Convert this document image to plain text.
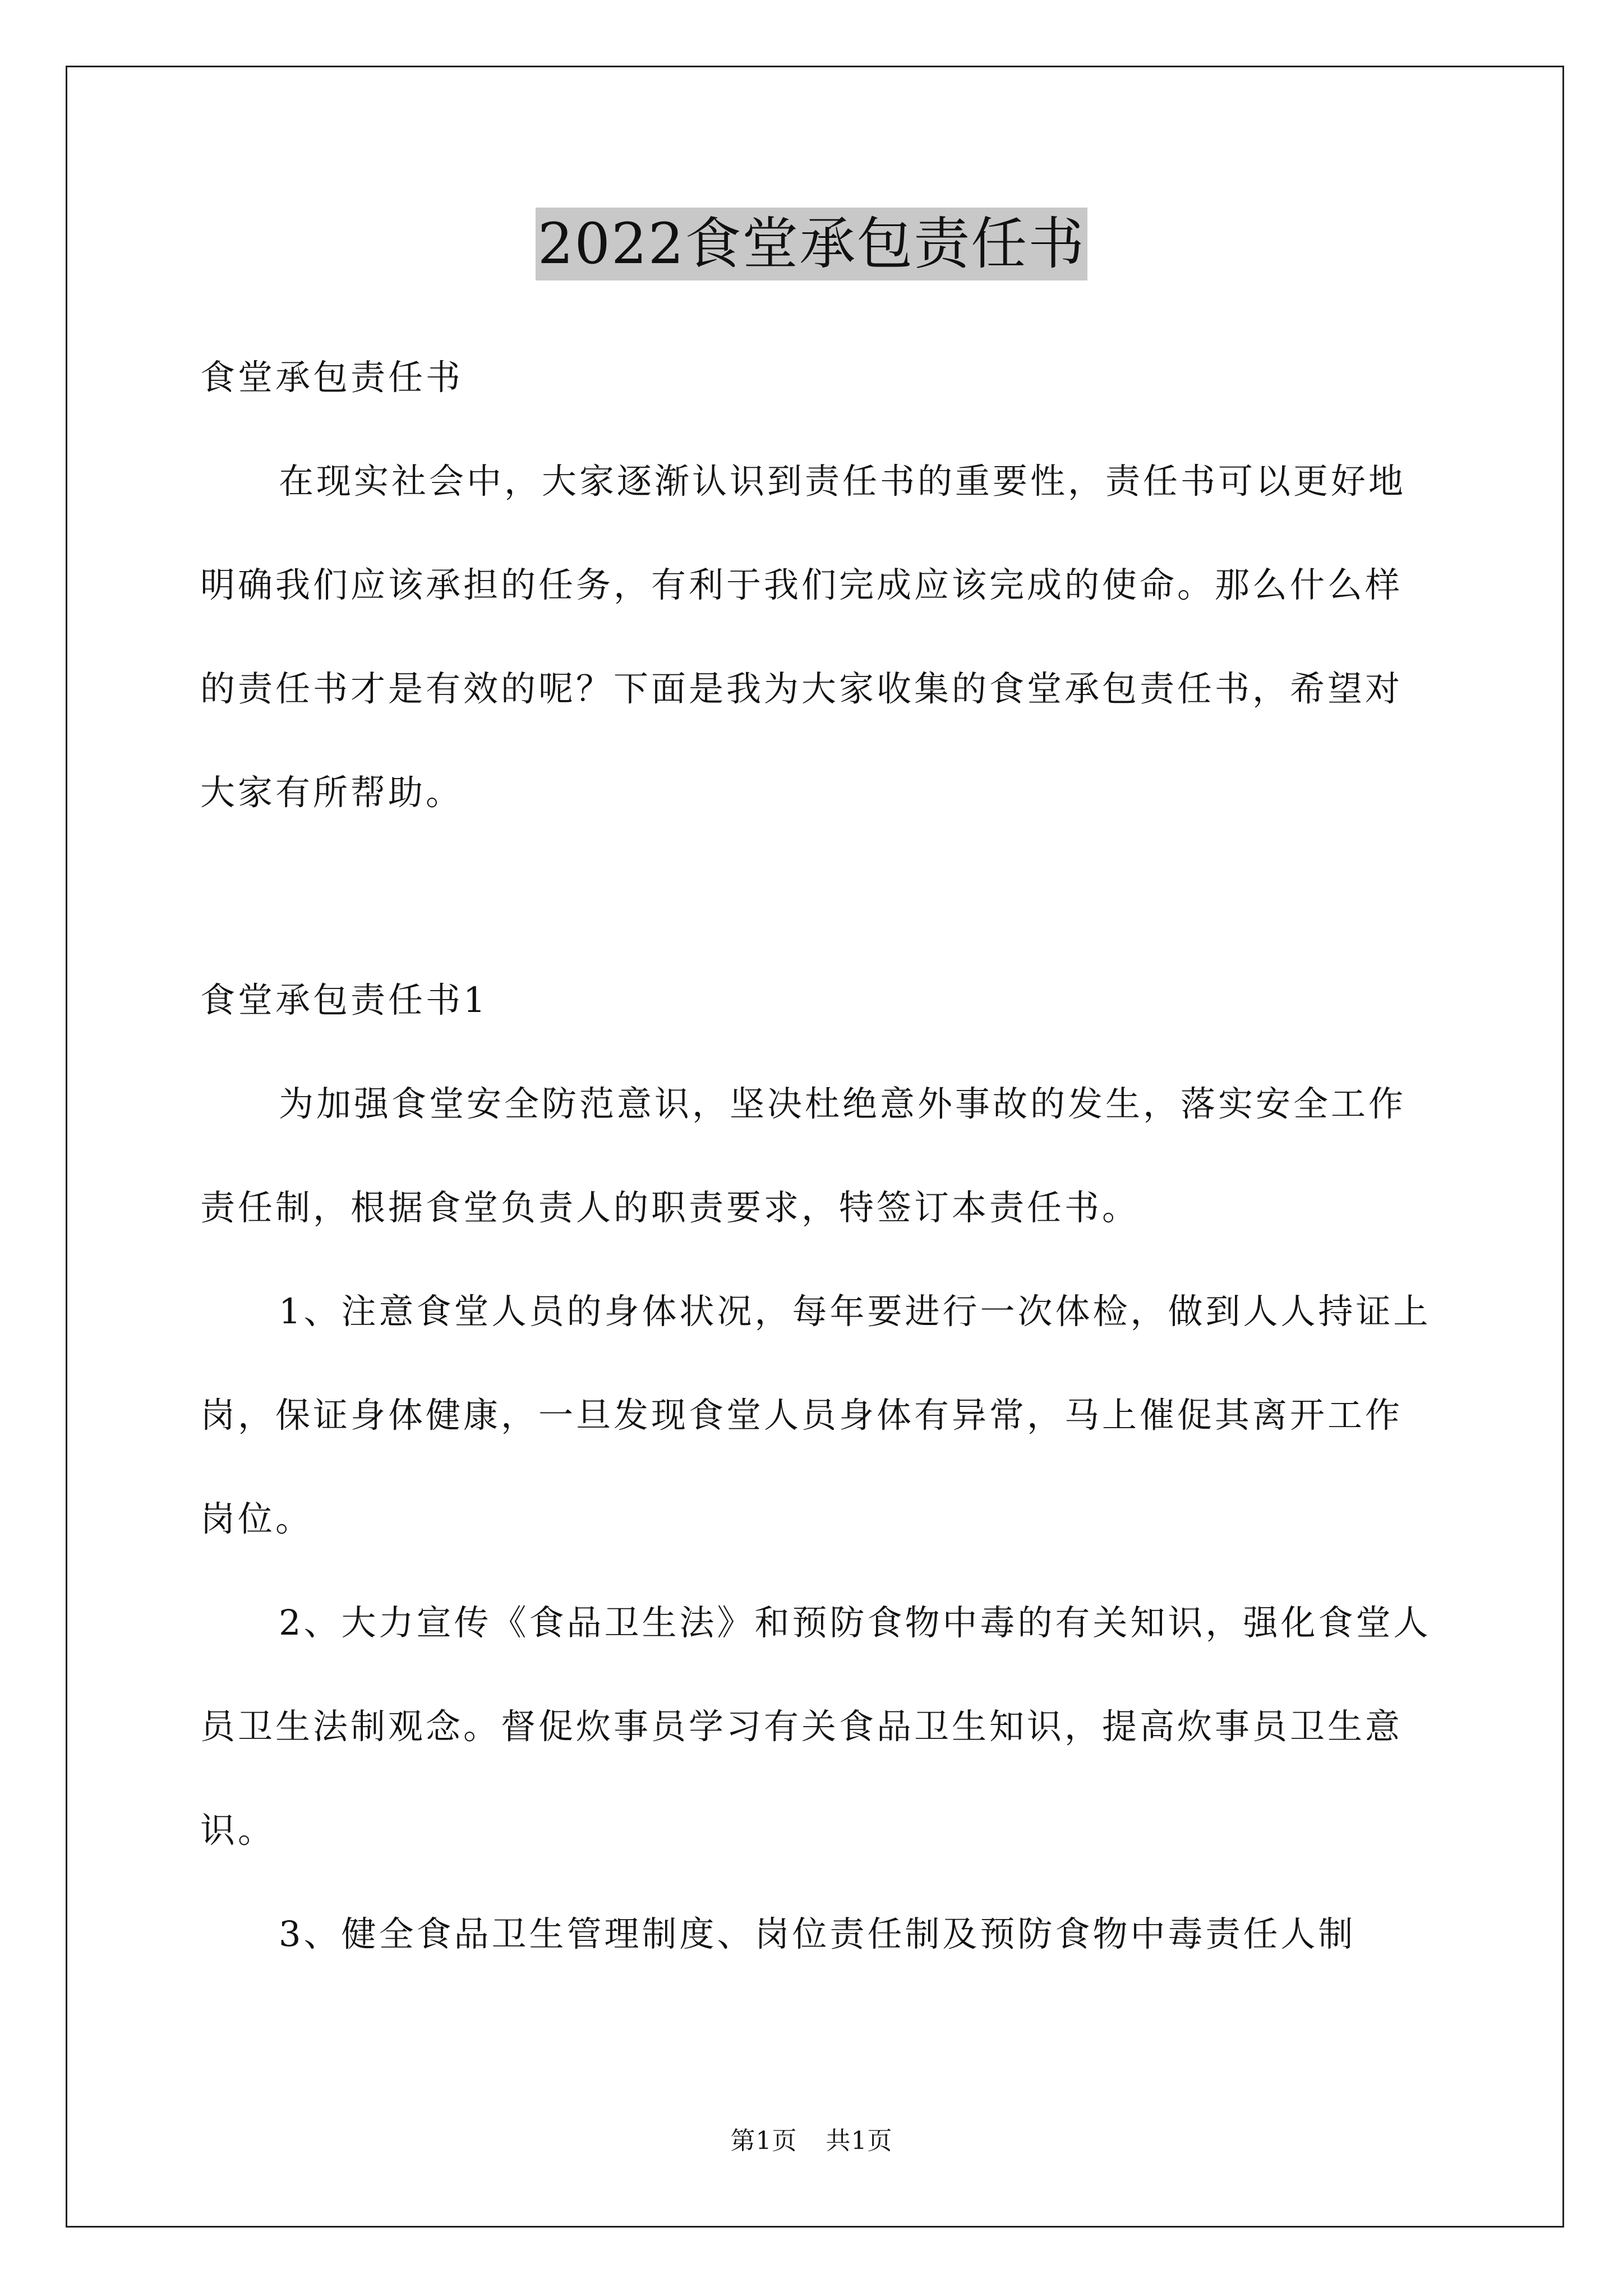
2022食堂承包责任书

食堂承包责任书

在现实社会中，大家逐渐认识到责任书的重要性，责任书可以更好地明确我们应该承担的任务，有利于我们完成应该完成的使命。那么什么样的责任书才是有效的呢？下面是我为大家收集的食堂承包责任书，希望对大家有所帮助。

食堂承包责任书1

为加强食堂安全防范意识，坚决杜绝意外事故的发生，落实安全工作责任制，根据食堂负责人的职责要求，特签订本责任书。

1、注意食堂人员的身体状况，每年要进行一次体检，做到人人持证上岗，保证身体健康，一旦发现食堂人员身体有异常，马上催促其离开工作岗位。

2、大力宣传《食品卫生法》和预防食物中毒的有关知识，强化食堂人员卫生法制观念。督促炊事员学习有关食品卫生知识，提高炊事员卫生意识。

3、健全食品卫生管理制度、岗位责任制及预防食物中毒责任人制

第1页 共1页
